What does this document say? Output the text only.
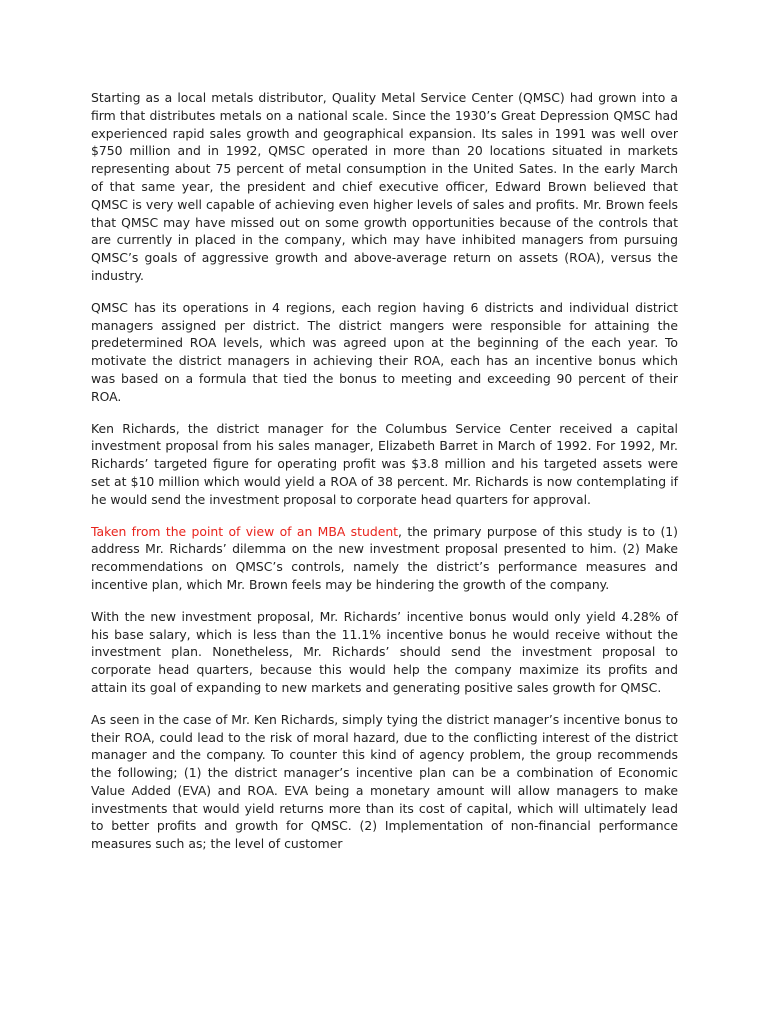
Starting as a local metals distributor, Quality Metal Service Center (QMSC) had grown into a firm that distributes metals on a national scale. Since the 1930’s Great Depression QMSC had experienced rapid sales growth and geographical expansion. Its sales in 1991 was well over $750 million and in 1992, QMSC operated in more than 20 locations situated in markets representing about 75 percent of metal consumption in the United Sates. In the early March of that same year, the president and chief executive officer, Edward Brown believed that QMSC is very well capable of achieving even higher levels of sales and profits. Mr. Brown feels that QMSC may have missed out on some growth opportunities because of the controls that are currently in placed in the company, which may have inhibited managers from pursuing QMSC’s goals of aggressive growth and above-average return on assets (ROA), versus the industry.

QMSC has its operations in 4 regions, each region having 6 districts and individual district managers assigned per district. The district mangers were responsible for attaining the predetermined ROA levels, which was agreed upon at the beginning of the each year. To motivate the district managers in achieving their ROA, each has an incentive bonus which was based on a formula that tied the bonus to meeting and exceeding 90 percent of their ROA.

Ken Richards, the district manager for the Columbus Service Center received a capital investment proposal from his sales manager, Elizabeth Barret in March of 1992. For 1992, Mr. Richards’ targeted figure for operating profit was $3.8 million and his targeted assets were set at $10 million which would yield a ROA of 38 percent. Mr. Richards is now contemplating if he would send the investment proposal to corporate head quarters for approval.

Taken from the point of view of an MBA student, the primary purpose of this study is to (1) address Mr. Richards’ dilemma on the new investment proposal presented to him. (2) Make recommendations on QMSC’s controls, namely the district’s performance measures and incentive plan, which Mr. Brown feels may be hindering the growth of the company.

With the new investment proposal, Mr. Richards’ incentive bonus would only yield 4.28% of his base salary, which is less than the 11.1% incentive bonus he would receive without the investment plan. Nonetheless, Mr. Richards’ should send the investment proposal to corporate head quarters, because this would help the company maximize its profits and attain its goal of expanding to new markets and generating positive sales growth for QMSC.

As seen in the case of Mr. Ken Richards, simply tying the district manager’s incentive bonus to their ROA, could lead to the risk of moral hazard, due to the conflicting interest of the district manager and the company. To counter this kind of agency problem, the group recommends the following; (1) the district manager’s incentive plan can be a combination of Economic Value Added (EVA) and ROA. EVA being a monetary amount will allow managers to make investments that would yield returns more than its cost of capital, which will ultimately lead to better profits and growth for QMSC. (2) Implementation of non-financial performance measures such as; the level of customer
